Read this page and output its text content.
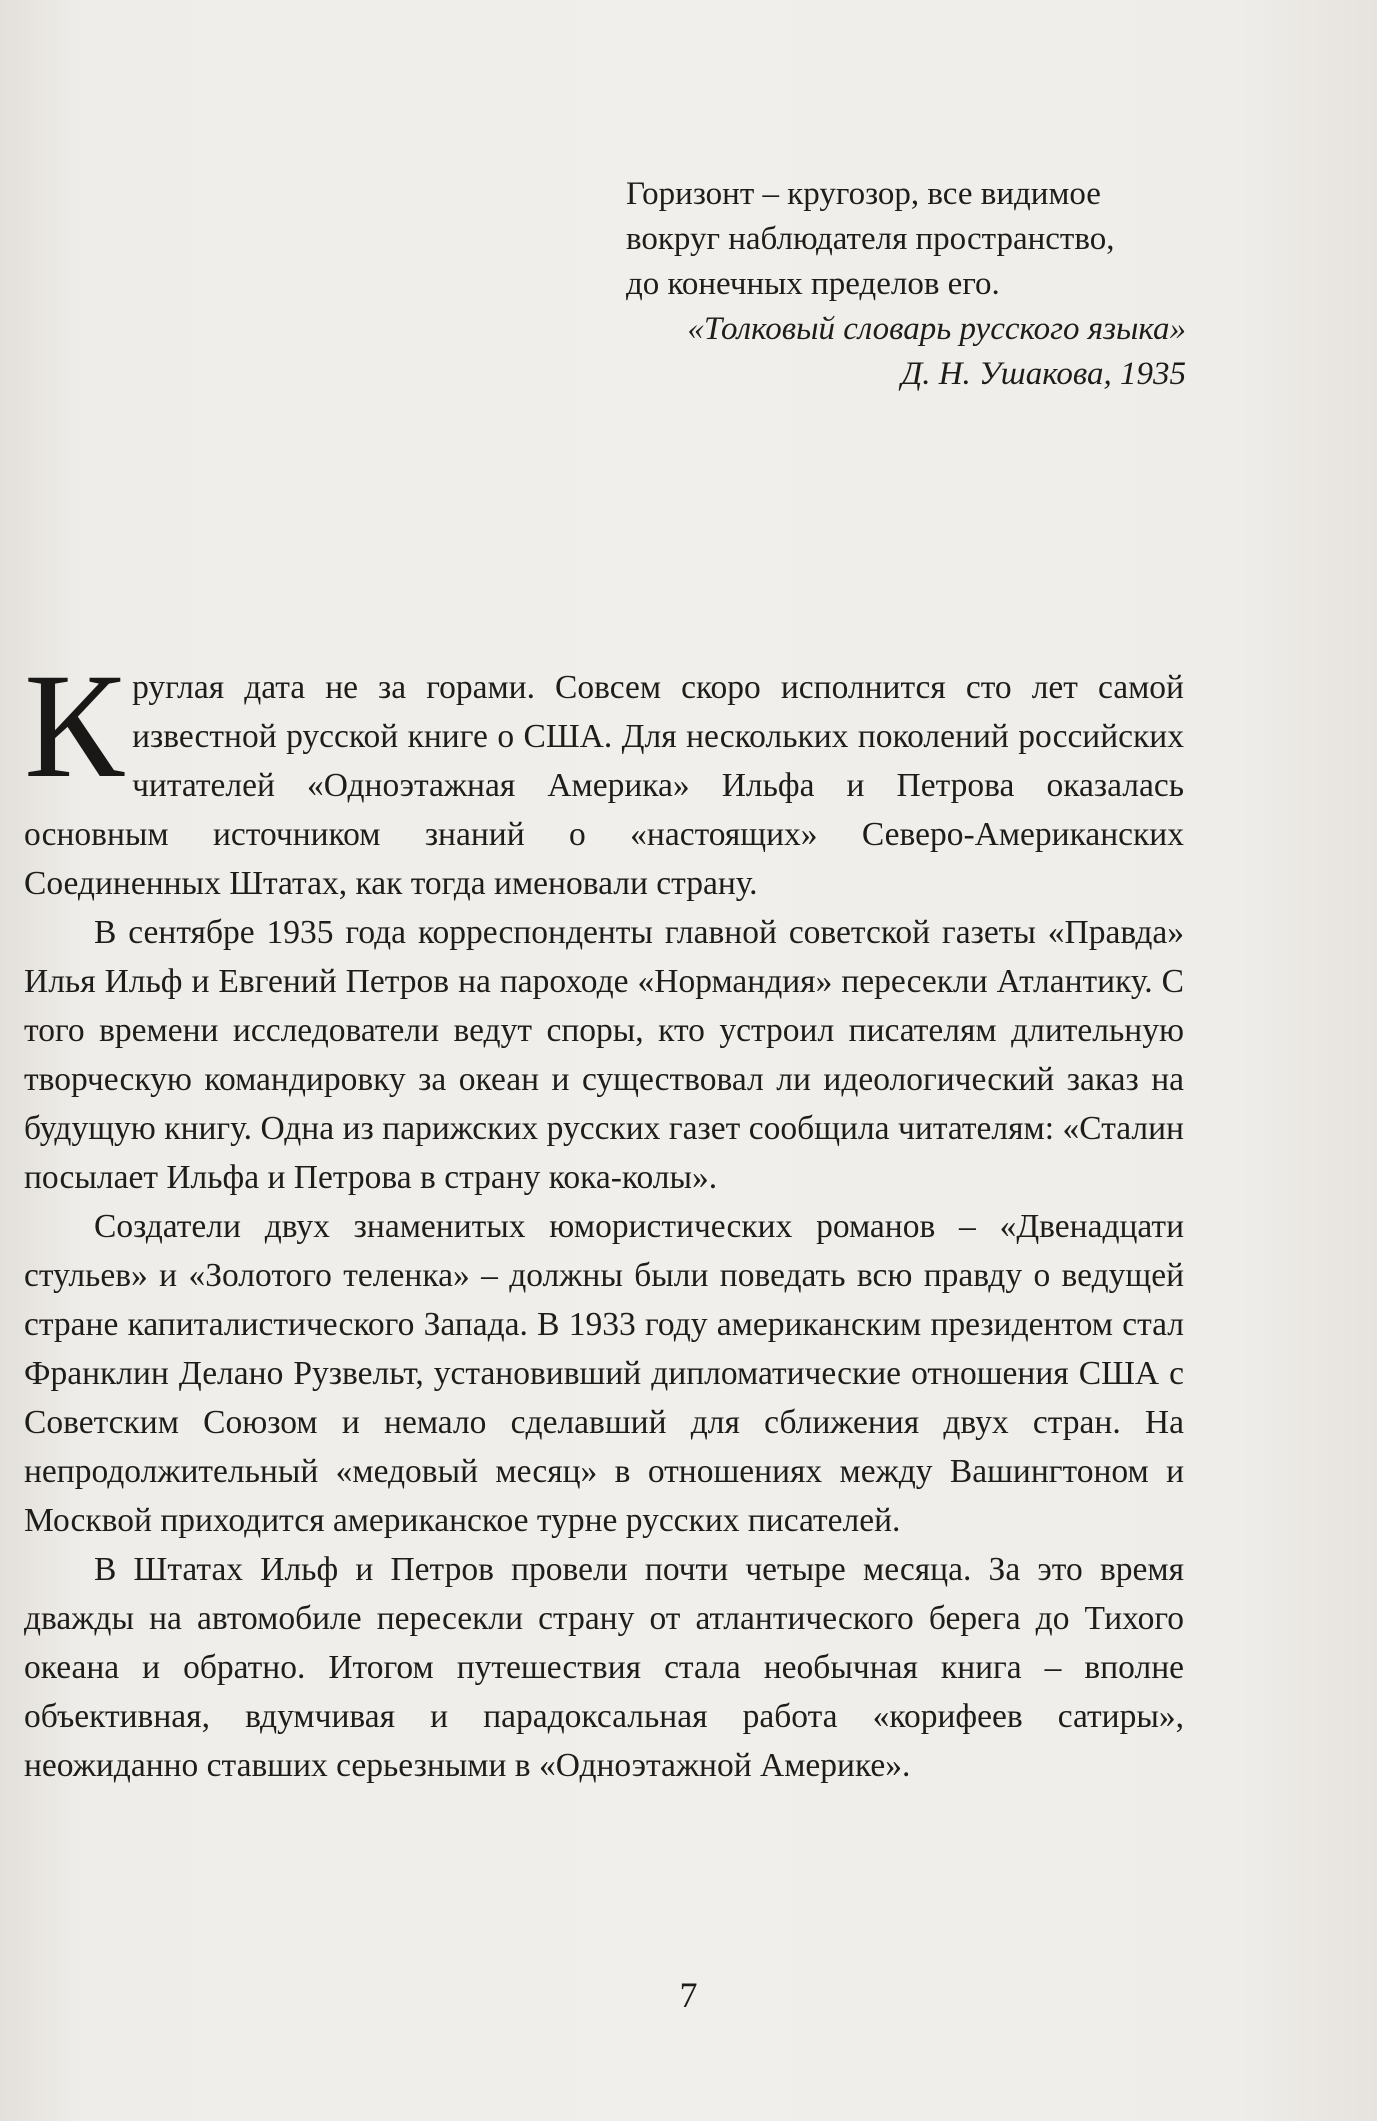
Горизонт – кругозор, все видимое
вокруг наблюдателя пространство,
до конечных пределов его.

«Толковый словарь русского языка»

Д. Н. Ушакова, 1935

Круглая дата не за горами. Совсем скоро исполнится сто лет самой известной русской книге о США. Для нескольких поколений российских читателей «Одноэтажная Америка» Ильфа и Петрова оказалась основным источником знаний о «настоящих» Северо-Американских Соединенных Штатах, как тогда именовали страну.

В сентябре 1935 года корреспонденты главной советской газеты «Правда» Илья Ильф и Евгений Петров на пароходе «Нормандия» пересекли Атлантику. С того времени исследователи ведут споры, кто устроил писателям длительную творческую командировку за океан и существовал ли идеологический заказ на будущую книгу. Одна из парижских русских газет сообщила читателям: «Сталин посылает Ильфа и Петрова в страну кока-колы».

Создатели двух знаменитых юмористических романов – «Двенадцати стульев» и «Золотого теленка» – должны были поведать всю правду о ведущей стране капиталистического Запада. В 1933 году американским президентом стал Франклин Делано Рузвельт, установивший дипломатические отношения США с Советским Союзом и немало сделавший для сближения двух стран. На непродолжительный «медовый месяц» в отношениях между Вашингтоном и Москвой приходится американское турне русских писателей.

В Штатах Ильф и Петров провели почти четыре месяца. За это время дважды на автомобиле пересекли страну от атлантического берега до Тихого океана и обратно. Итогом путешествия стала необычная книга – вполне объективная, вдумчивая и парадоксальная работа «корифеев сатиры», неожиданно ставших серьезными в «Одноэтажной Америке».

7
